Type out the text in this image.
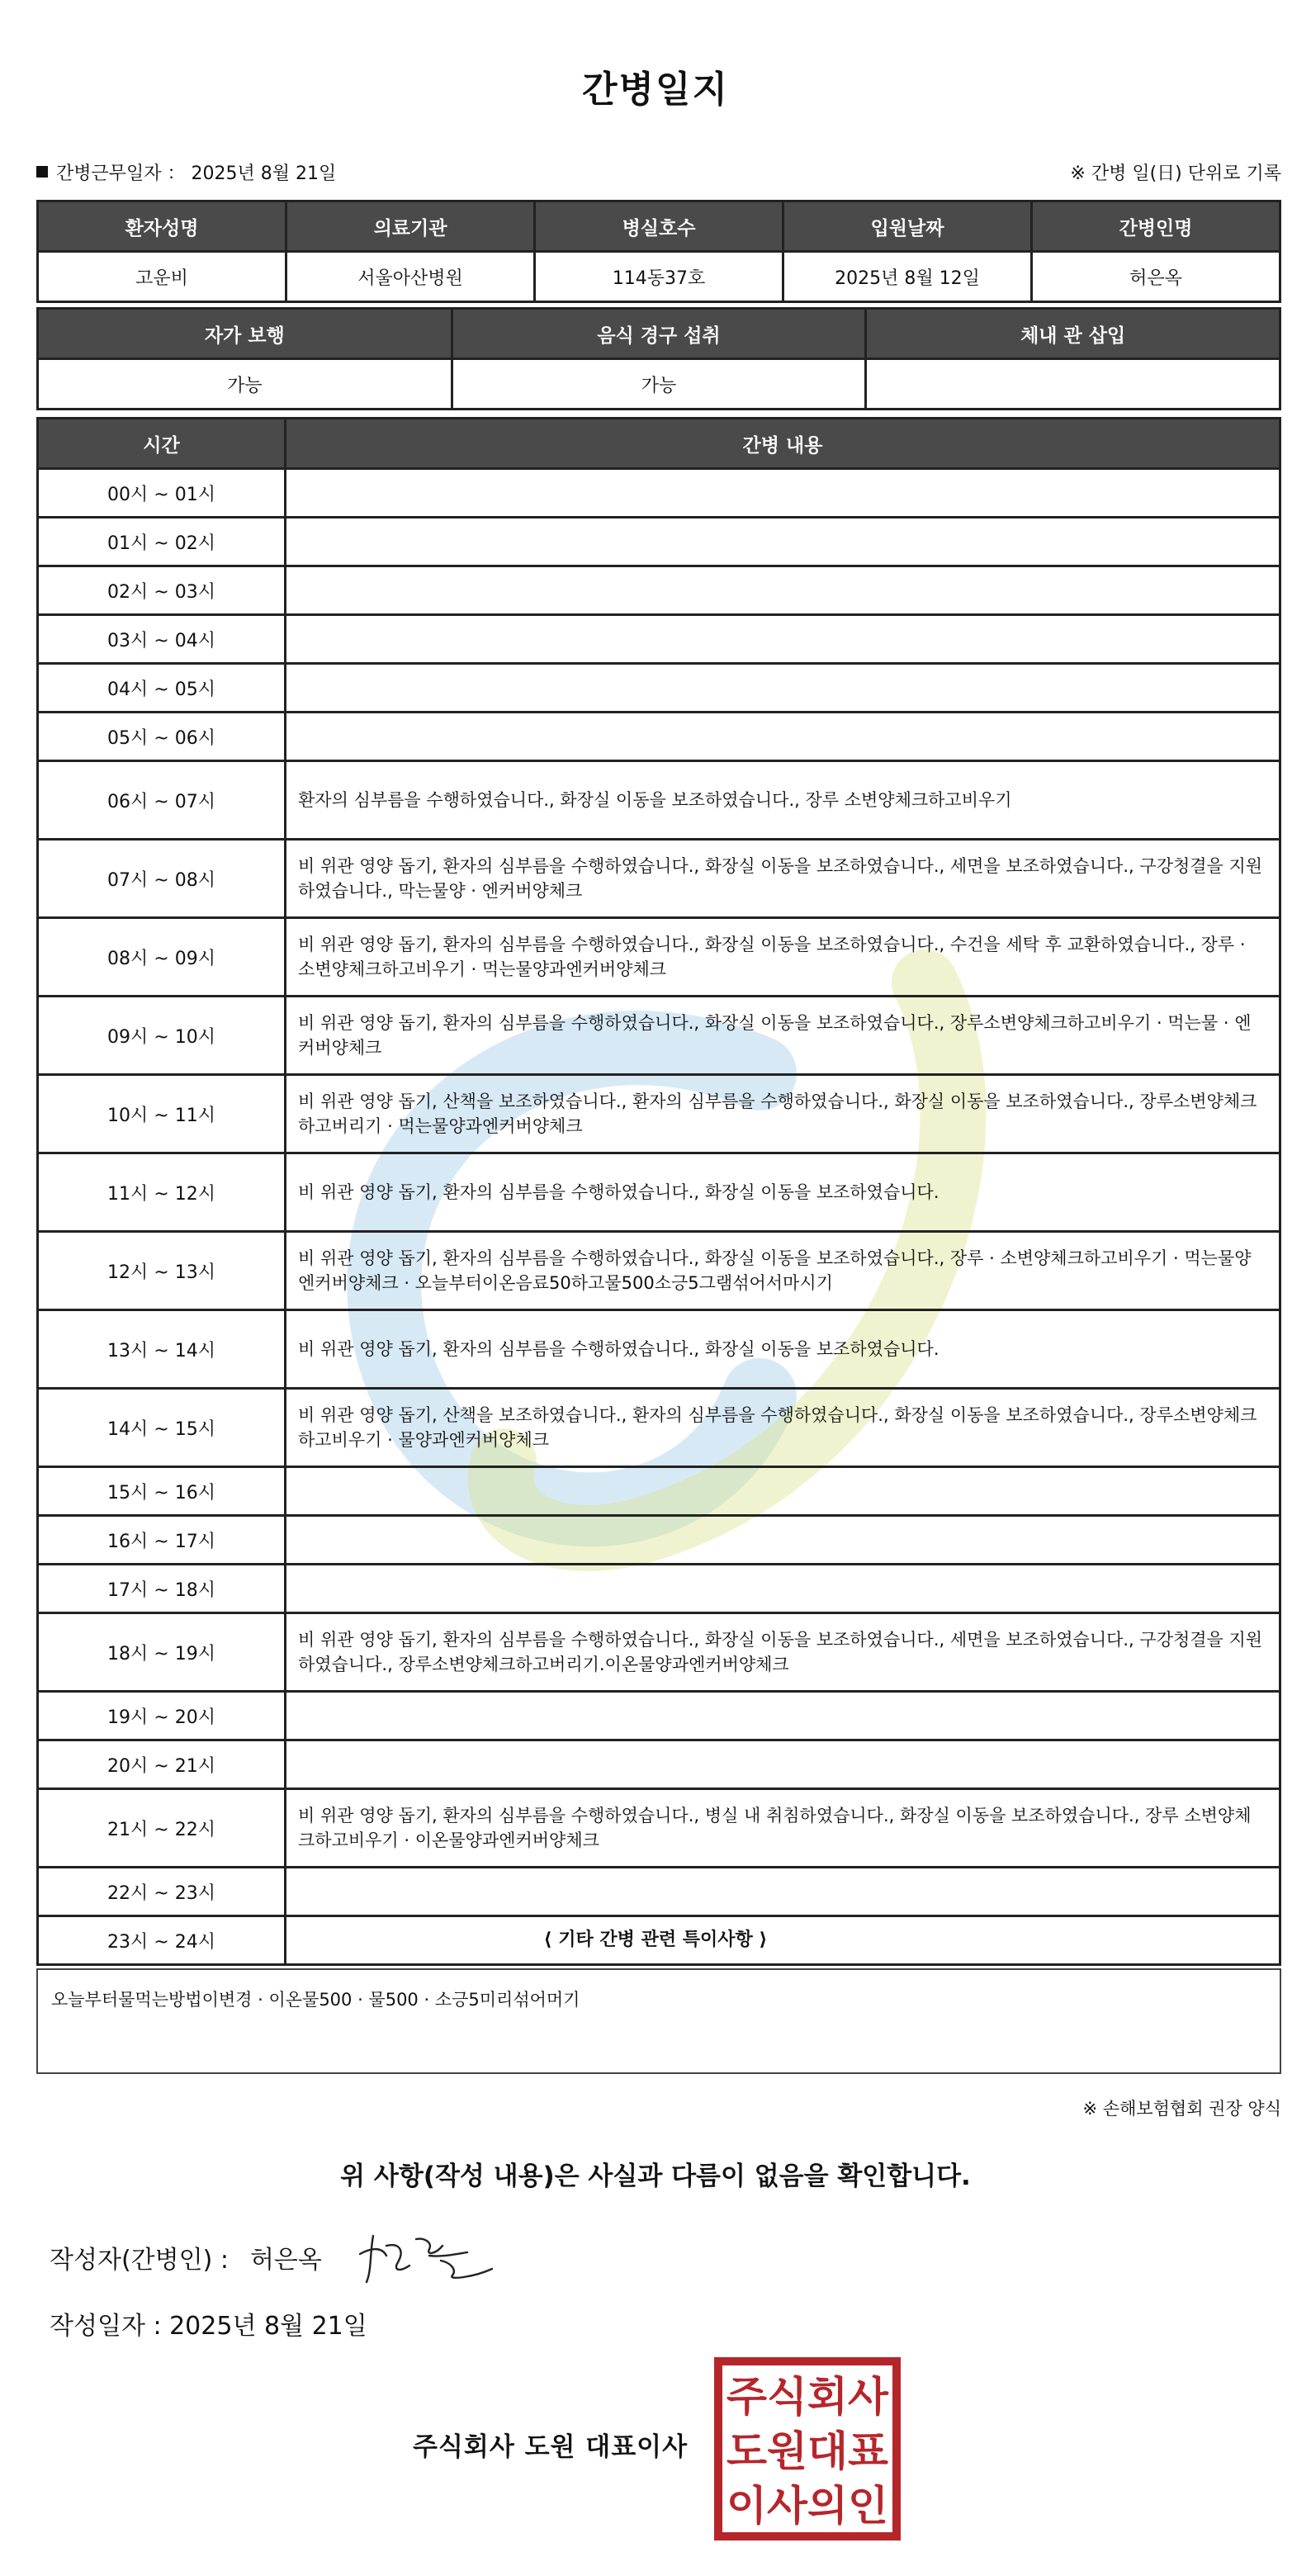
간병일지
간병근무일자 ： 2025년 8월 21일	※ 간병 일(日) 단위로 기록
환자성명	의료기관	병실호수	입원날짜	간병인명
고운비	서울아산병원	114동37호	2025년 8월 12일	허은옥
자가 보행	음식 경구 섭취	체내 관 삽입
가능	가능	
시간	간병 내용
00시 ~ 01시	
01시 ~ 02시	
02시 ~ 03시	
03시 ~ 04시	
04시 ~ 05시	
05시 ~ 06시	
06시 ~ 07시	환자의 심부름을 수행하였습니다., 화장실 이동을 보조하였습니다., 장루 소변양체크하고비우기
07시 ~ 08시	비 위관 영양 돕기, 환자의 심부름을 수행하였습니다., 화장실 이동을 보조하였습니다., 세면을 보조하였습니다., 구강청결을 지원하였습니다., 막는물양 · 엔커버양체크
08시 ~ 09시	비 위관 영양 돕기, 환자의 심부름을 수행하였습니다., 화장실 이동을 보조하였습니다., 수건을 세탁 후 교환하였습니다., 장루 · 소변양체크하고비우기 · 먹는물양과엔커버양체크
09시 ~ 10시	비 위관 영양 돕기, 환자의 심부름을 수행하였습니다., 화장실 이동을 보조하였습니다., 장루소변양체크하고비우기 · 먹는물 · 엔커버양체크
10시 ~ 11시	비 위관 영양 돕기, 산책을 보조하였습니다., 환자의 심부름을 수행하였습니다., 화장실 이동을 보조하였습니다., 장루소변양체크하고버리기 · 먹는물양과엔커버양체크
11시 ~ 12시	비 위관 영양 돕기, 환자의 심부름을 수행하였습니다., 화장실 이동을 보조하였습니다.
12시 ~ 13시	비 위관 영양 돕기, 환자의 심부름을 수행하였습니다., 화장실 이동을 보조하였습니다., 장루 · 소변양체크하고비우기 · 먹는물양엔커버양체크 · 오늘부터이온음료50하고물500소긍5그램섞어서마시기
13시 ~ 14시	비 위관 영양 돕기, 환자의 심부름을 수행하였습니다., 화장실 이동을 보조하였습니다.
14시 ~ 15시	비 위관 영양 돕기, 산책을 보조하였습니다., 환자의 심부름을 수행하였습니다., 화장실 이동을 보조하였습니다., 장루소변양체크하고비우기 · 물양과엔커버양체크
15시 ~ 16시	
16시 ~ 17시	
17시 ~ 18시	
18시 ~ 19시	비 위관 영양 돕기, 환자의 심부름을 수행하였습니다., 화장실 이동을 보조하였습니다., 세면을 보조하였습니다., 구강청결을 지원하였습니다., 장루소변양체크하고버리기.이온물양과엔커버양체크
19시 ~ 20시	
20시 ~ 21시	
21시 ~ 22시	비 위관 영양 돕기, 환자의 심부름을 수행하였습니다., 병실 내 취침하였습니다., 화장실 이동을 보조하였습니다., 장루 소변양체크하고비우기 · 이온물양과엔커버양체크
22시 ~ 23시	
23시 ~ 24시		⟨ 기타 간병 관련 특이사항 ⟩
오늘부터물먹는방법이변경 · 이온물500 · 물500 · 소긍5미리섞어머기
※ 손해보험협회 권장 양식
위 사항(작성 내용)은 사실과 다름이 없음을 확인합니다.
작성자(간병인) : 허은옥
작성일자 : 2025년 8월 21일
주식회사 도원 대표이사
주식회사
도원대표
이사의인
